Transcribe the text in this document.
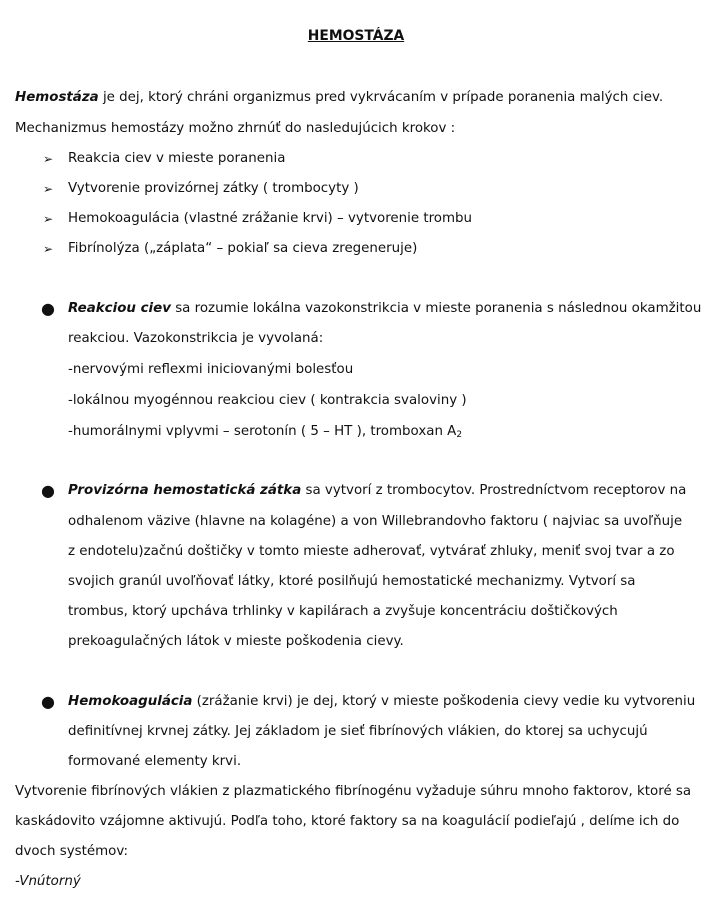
HEMOSTÁZA
Hemostáza je dej, ktorý chráni organizmus pred vykrvácaním v prípade poranenia malých ciev.
Mechanizmus hemostázy možno zhrnúť do nasledujúcich krokov :
➢ Reakcia ciev v mieste poranenia
➢ Vytvorenie provizórnej zátky ( trombocyty )
➢ Hemokoagulácia (vlastné zrážanie krvi) – vytvorenie trombu
➢ Fibrínolýza („záplata“ – pokiaľ sa cieva zregeneruje)
● Reakciou ciev sa rozumie lokálna vazokonstrikcia v mieste poranenia s následnou okamžitou
reakciou. Vazokonstrikcia je vyvolaná:
-nervovými reflexmi iniciovanými bolesťou
-lokálnou myogénnou reakciou ciev ( kontrakcia svaloviny )
-humorálnymi vplyvmi – serotonín ( 5 – HT ), tromboxan $A_2$
● Provizórna hemostatická zátka sa vytvorí z trombocytov. Prostredníctvom receptorov na
odhalenom väzive (hlavne na kolagéne) a von Willebrandovho faktoru ( najviac sa uvoľňuje
z endotelu)začnú doštičky v tomto mieste adherovať, vytvárať zhluky, meniť svoj tvar a zo
svojich granúl uvoľňovať látky, ktoré posilňujú hemostatické mechanizmy. Vytvorí sa
trombus, ktorý upcháva trhlinky v kapilárach a zvyšuje koncentráciu doštičkových
prekoagulačných látok v mieste poškodenia cievy.
● Hemokoagulácia (zrážanie krvi) je dej, ktorý v mieste poškodenia cievy vedie ku vytvoreniu
definitívnej krvnej zátky. Jej základom je sieť fibrínových vlákien, do ktorej sa uchycujú
formované elementy krvi.
Vytvorenie fibrínových vlákien z plazmatického fibrínogénu vyžaduje súhru mnoho faktorov, ktoré sa
kaskádovito vzájomne aktivujú. Podľa toho, ktoré faktory sa na koagulácií podieľajú , delíme ich do
dvoch systémov:
-Vnútorný
